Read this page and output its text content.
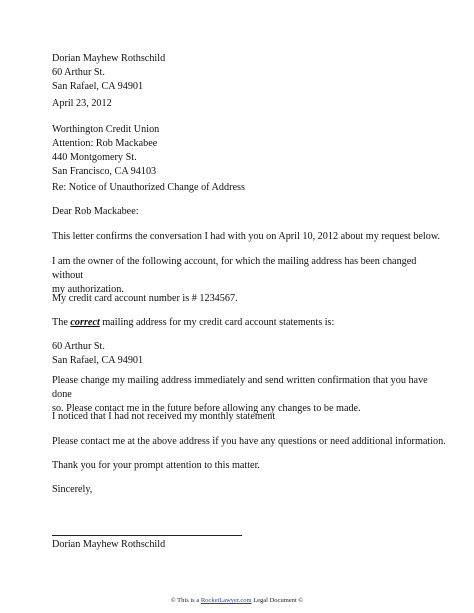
Dorian Mayhew Rothschild
60 Arthur St.
San Rafael, CA 94901
April 23, 2012
Worthington Credit Union
Attention: Rob Mackabee
440 Montgomery St.
San Francisco, CA 94103
Re: Notice of Unauthorized Change of Address
Dear Rob Mackabee:
This letter confirms the conversation I had with you on April 10, 2012 about my request below.
I am the owner of the following account, for which the mailing address has been changed without
my authorization.
My credit card account number is # 1234567.
The correct mailing address for my credit card account statements is:
60 Arthur St.
San Rafael, CA 94901
Please change my mailing address immediately and send written confirmation that you have done
so. Please contact me in the future before allowing any changes to be made.
I noticed that I had not received my monthly statement
Please contact me at the above address if you have any questions or need additional information.
Thank you for your prompt attention to this matter.
Sincerely,
Dorian Mayhew Rothschild
© This is a RocketLawyer.com Legal Document ©
